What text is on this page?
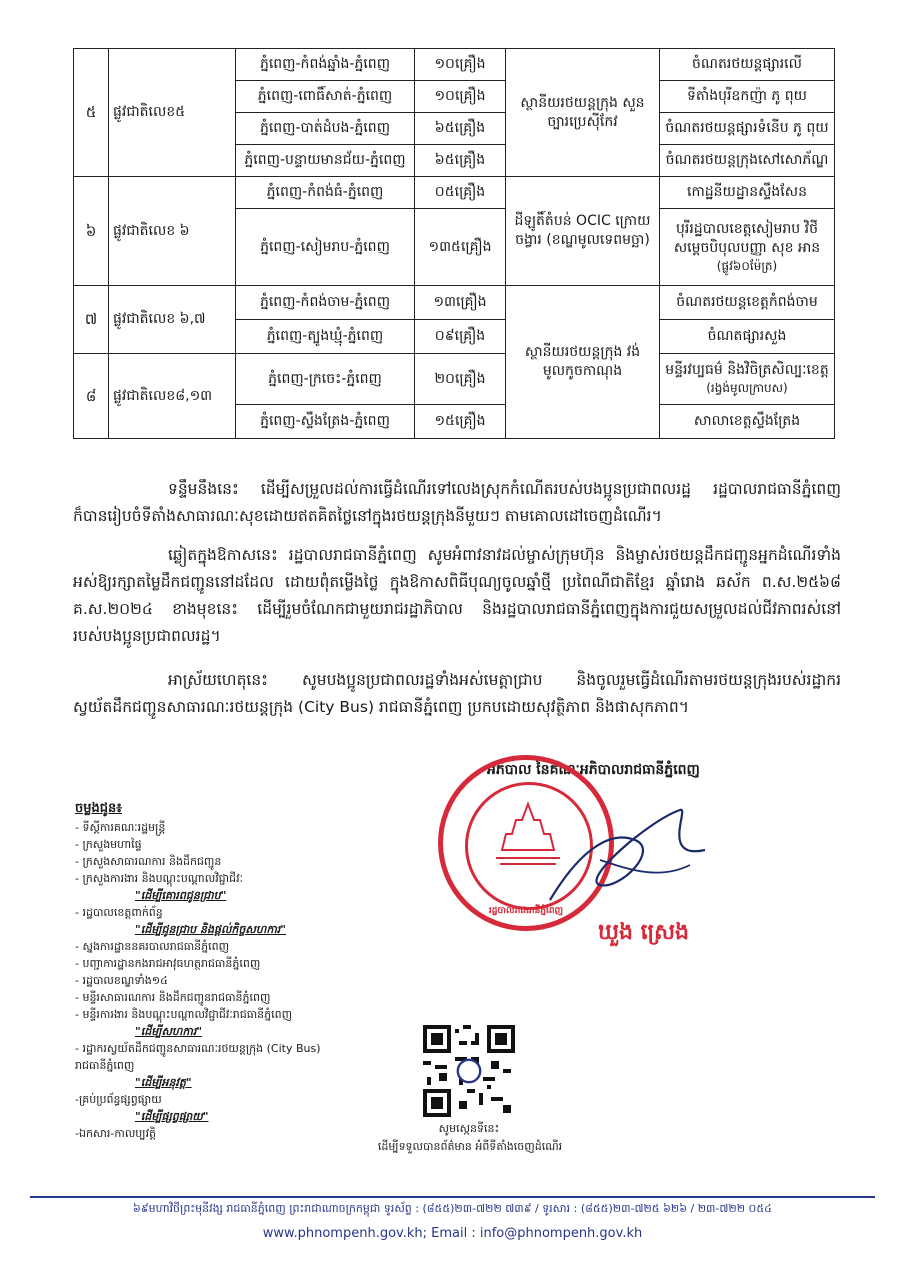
៥	ផ្លូវជាតិលេខ៥	ភ្នំពេញ-កំពង់ឆ្នាំង-ភ្នំពេញ	១០គ្រឿង	ស្ថានីយរថយន្តក្រុង សួនច្បារប្រេស៊ីកែវ	ចំណតរថយន្តផ្សារលើ
		ភ្នំពេញ-ពោធិ៍សាត់-ភ្នំពេញ	១០គ្រឿង		ទីតាំងបុរីឧកញ៉ា ភូ ពុយ
		ភ្នំពេញ-បាត់ដំបង-ភ្នំពេញ	៦៥គ្រឿង		ចំណតរថយន្តផ្សារទំនើប ភូ ពុយ
		ភ្នំពេញ-បន្ទាយមានជ័យ-ភ្នំពេញ	៦៥គ្រឿង		ចំណតរថយន្តក្រុងសៅសោភ័ណ្ឌ
៦	ផ្លូវជាតិលេខ ៦	ភ្នំពេញ-កំពង់ធំ-ភ្នំពេញ	០៥គ្រឿង	ដីឡូតិ៍តំបន់ OCIC ក្រោយចង្វារ (ខណ្ឌមូលទេពមច្ឆា)	កោដ្ឋនីយដ្ឋានស្ទឹងសែន
		ភ្នំពេញ-សៀមរាប-ភ្នំពេញ	១៣៥គ្រឿង		បុរីរដ្ឋបាលខេត្តសៀមរាប វិថីសម្ដេចបិបុលបញ្ញា សុខ អាន
(ផ្លូវ៦០ម៉ែត្រ)

៧	ផ្លូវជាតិលេខ ៦,៧	ភ្នំពេញ-កំពង់ចាម-ភ្នំពេញ	១៣គ្រឿង	ស្ថានីយរថយន្តក្រុង វង់មូលកូចកាណុង	ចំណតរថយន្តខេត្តកំពង់ចាម
		ភ្នំពេញ-ត្បូងឃ្មុំ-ភ្នំពេញ	០៩គ្រឿង		ចំណតផ្សារសួង
៨	ផ្លូវជាតិលេខ៨,១៣	ភ្នំពេញ-ក្រចេះ-ភ្នំពេញ	២០គ្រឿង		មន្ទីរវប្បធម៌ និងវិចិត្រសិល្បៈខេត្ត
(រង្វង់មូលក្រាបស)

		ភ្នំពេញ-ស្ទឹងត្រែង-ភ្នំពេញ	១៥គ្រឿង		សាលាខេត្តស្ទឹងត្រែង

ទន្ទឹមនឹងនេះ ដើម្បីសម្រួលដល់ការធ្វើដំណើរទៅលេងស្រុកកំណើតរបស់បងប្អូនប្រជាពលរដ្ឋ រដ្ឋបាលរាជធានីភ្នំពេញ ក៏បានរៀបចំទីតាំងសាធារណៈសុខដោយឥតគិតថ្លៃនៅក្នុងរថយន្តក្រុងនីមួយៗ តាមគោលដៅចេញដំណើរ។

ឆ្លៀតក្នុងឱកាសនេះ រដ្ឋបាលរាជធានីភ្នំពេញ សូមអំពាវនាវដល់ម្ចាស់ក្រុមហ៊ុន និងម្ចាស់រថយន្តដឹកជញ្ជូនអ្នកដំណើរទាំងអស់ឱ្យរក្សាតម្លៃដឹកជញ្ជូននៅដដែល ដោយពុំតម្លើងថ្លៃ ក្នុងឱកាសពិធីបុណ្យចូលឆ្នាំថ្មី ប្រពៃណីជាតិខ្មែរ ឆ្នាំរោង ឆស័ក ព.ស.២៥៦៨ គ.ស.២០២៤ ខាងមុខនេះ ដើម្បីរួមចំណែកជាមួយរាជរដ្ឋាភិបាល និងរដ្ឋបាលរាជធានីភ្នំពេញក្នុងការជួយសម្រួលដល់ជីវភាពរស់នៅរបស់បងប្អូនប្រជាពលរដ្ឋ។

អាស្រ័យហេតុនេះ សូមបងប្អូនប្រជាពលរដ្ឋទាំងអស់មេត្តាជ្រាប និងចូលរួមធ្វើដំណើរតាមរថយន្តក្រុងរបស់រដ្ឋាករស្វយ័តដឹកជញ្ជូនសាធារណៈរថយន្តក្រុង (City Bus) រាជធានីភ្នំពេញ ប្រកបដោយសុវត្ថិភាព និងផាសុកភាព។

ចម្លងជូន៖
- ទីស្ដីការគណៈរដ្ឋមន្ត្រី
- ក្រសួងមហាផ្ទៃ
- ក្រសួងសាធារណការ និងដឹកជញ្ជូន
- ក្រសួងការងារ និងបណ្ដុះបណ្ដាលវិជ្ជាជីវៈ
"ដើម្បីគោរពជូនជ្រាប"
- រដ្ឋបាលខេត្តពាក់ព័ន្ធ
"ដើម្បីជូនជ្រាប និងផ្ដល់កិច្ចសហការ"
- ស្នងការដ្ឋាននគរបាលរាជធានីភ្នំពេញ
- បញ្ជាការដ្ឋានកងរាជអាវុធហត្ថរាជធានីភ្នំពេញ
- រដ្ឋបាលខណ្ឌទាំង១៤
- មន្ទីរសាធារណការ និងដឹកជញ្ជូនរាជធានីភ្នំពេញ
- មន្ទីរការងារ និងបណ្ដុះបណ្ដាលវិជ្ជាជីវៈរាជធានីភ្នំពេញ
"ដើម្បីសហការ"
- រដ្ឋាករស្វយ័តដឹកជញ្ជូនសាធារណៈរថយន្តក្រុង (City Bus)
រាជធានីភ្នំពេញ
"ដើម្បីអនុវត្ត"
-គ្រប់ប្រព័ន្ធផ្សព្វផ្សាយ
"ដើម្បីផ្សព្វផ្សាយ"
-ឯកសារ-កាលប្បវត្តិ
អភិបាល នៃគណៈអភិបាលរាជធានីភ្នំពេញ
រដ្ឋបាលរាជធានីភ្នំពេញ
ឃួង ស្រេង
សូមស្កេនទីនេះ
ដើម្បីទទួលបានព័ត៌មាន អំពីទីតាំងចេញដំណើរ
៦៩មហាវិថីព្រះមុនីវង្ស រាជធានីភ្នំពេញ ព្រះរាជាណាចក្រកម្ពុជា ទូរស័ព្ទ : (៨៥៥)២៣-៧២២ ៧៣៩ / ទូរសារ : (៨៥៥)២៣-៧២៥ ៦២៦ / ២៣-៧២២ ០៥៤
www.phnompenh.gov.kh; Email : info@phnompenh.gov.kh
